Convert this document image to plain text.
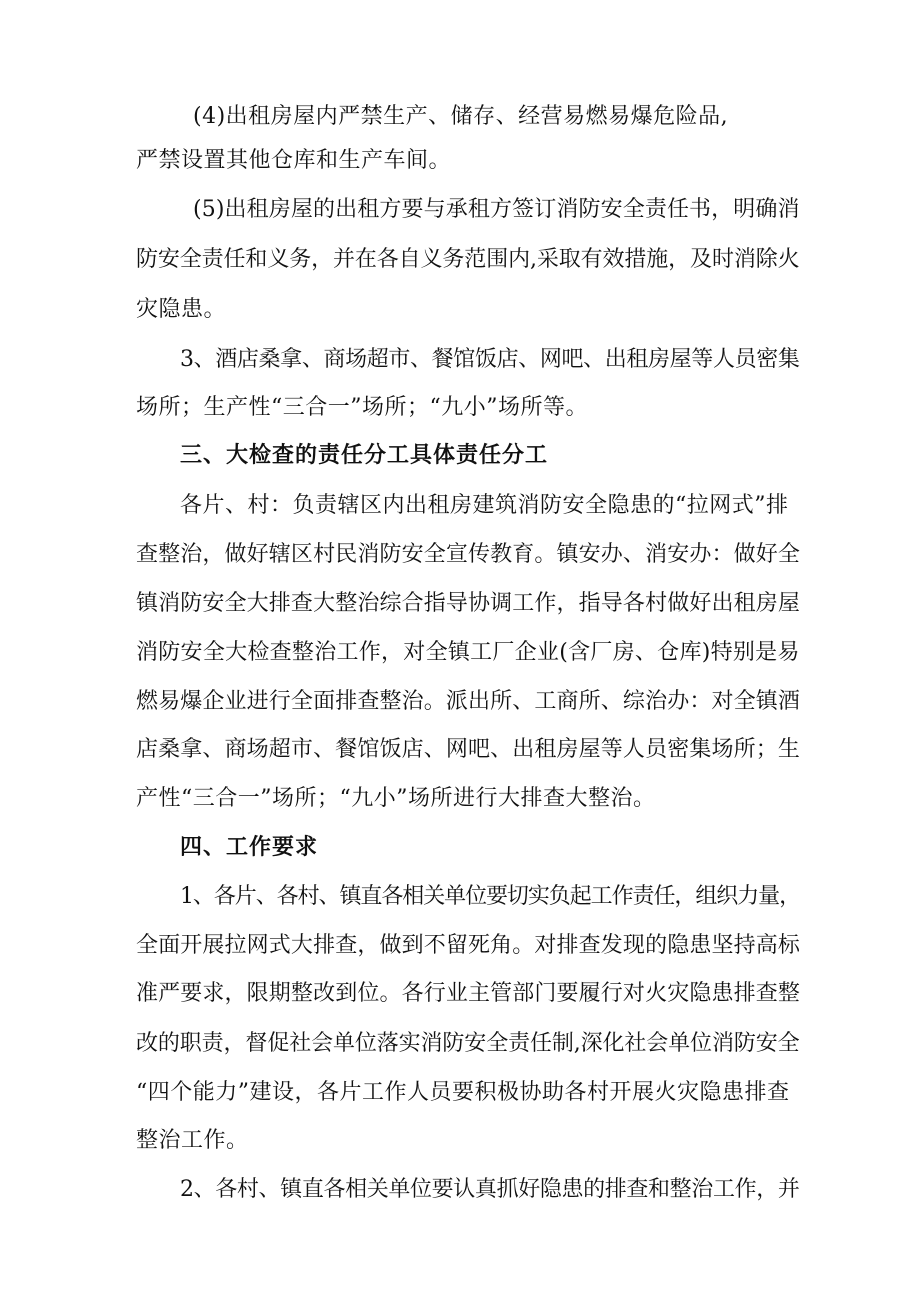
(4)出租房屋内严禁生产、储存、经营易燃易爆危险品,
严禁设置其他仓库和生产车间。
(5)出租房屋的出租方要与承租方签订消防安全责任书，明确消
防安全责任和义务，并在各自义务范围内,采取有效措施，及时消除火
灾隐患。
3、酒店桑拿、商场超市、餐馆饭店、网吧、出租房屋等人员密集
场所；生产性“三合一”场所；“九小”场所等。
三、大检查的责任分工具体责任分工
各片、村：负责辖区内出租房建筑消防安全隐患的“拉网式”排
查整治，做好辖区村民消防安全宣传教育。镇安办、消安办：做好全
镇消防安全大排查大整治综合指导协调工作，指导各村做好出租房屋
消防安全大检查整治工作，对全镇工厂企业(含厂房、仓库)特别是易
燃易爆企业进行全面排查整治。派出所、工商所、综治办：对全镇酒
店桑拿、商场超市、餐馆饭店、网吧、出租房屋等人员密集场所；生
产性“三合一”场所；“九小”场所进行大排查大整治。
四、工作要求
1、各片、各村、镇直各相关单位要切实负起工作责任，组织力量，
全面开展拉网式大排查，做到不留死角。对排查发现的隐患坚持高标
准严要求，限期整改到位。各行业主管部门要履行对火灾隐患排查整
改的职责，督促社会单位落实消防安全责任制,深化社会单位消防安全
“四个能力”建设，各片工作人员要积极协助各村开展火灾隐患排查
整治工作。
2、各村、镇直各相关单位要认真抓好隐患的排查和整治工作，并
